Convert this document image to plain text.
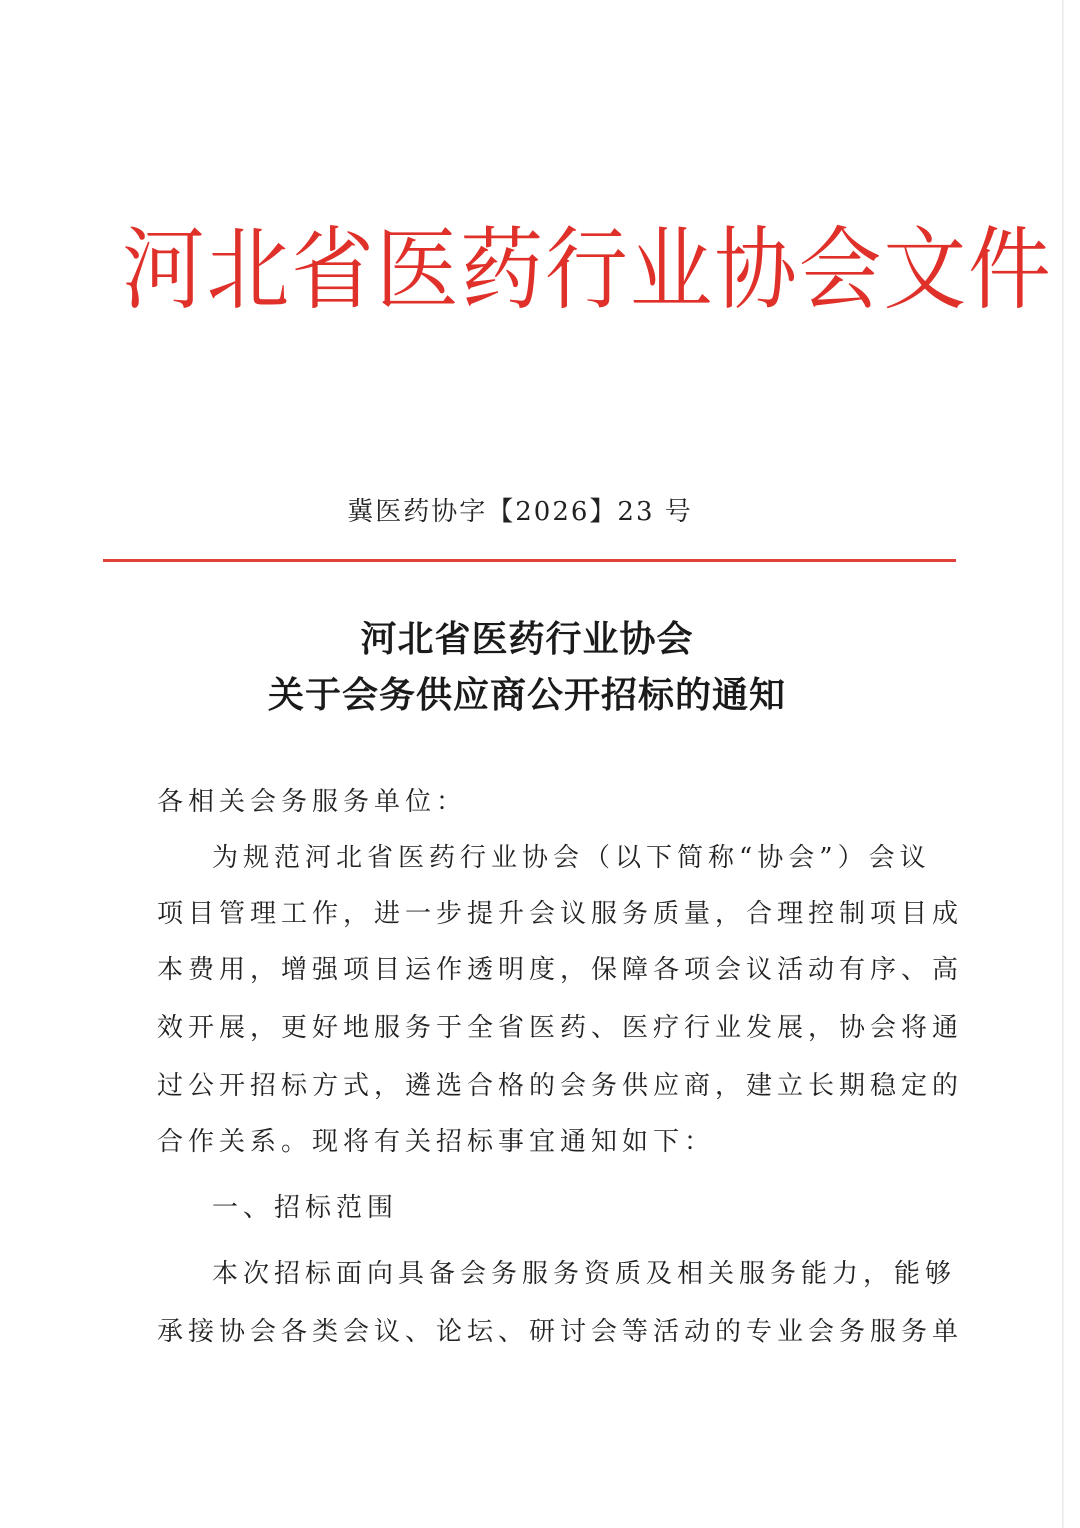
河北省医药行业协会文件
冀医药协字【2026】23 号
河北省医药行业协会
关于会务供应商公开招标的通知

各相关会务服务单位：

为规范河北省医药行业协会（以下简称“协会”）会议

项目管理工作，进一步提升会议服务质量，合理控制项目成

本费用，增强项目运作透明度，保障各项会议活动有序、高

效开展，更好地服务于全省医药、医疗行业发展，协会将通

过公开招标方式，遴选合格的会务供应商，建立长期稳定的

合作关系。现将有关招标事宜通知如下：

一、招标范围

本次招标面向具备会务服务资质及相关服务能力，能够

承接协会各类会议、论坛、研讨会等活动的专业会务服务单
